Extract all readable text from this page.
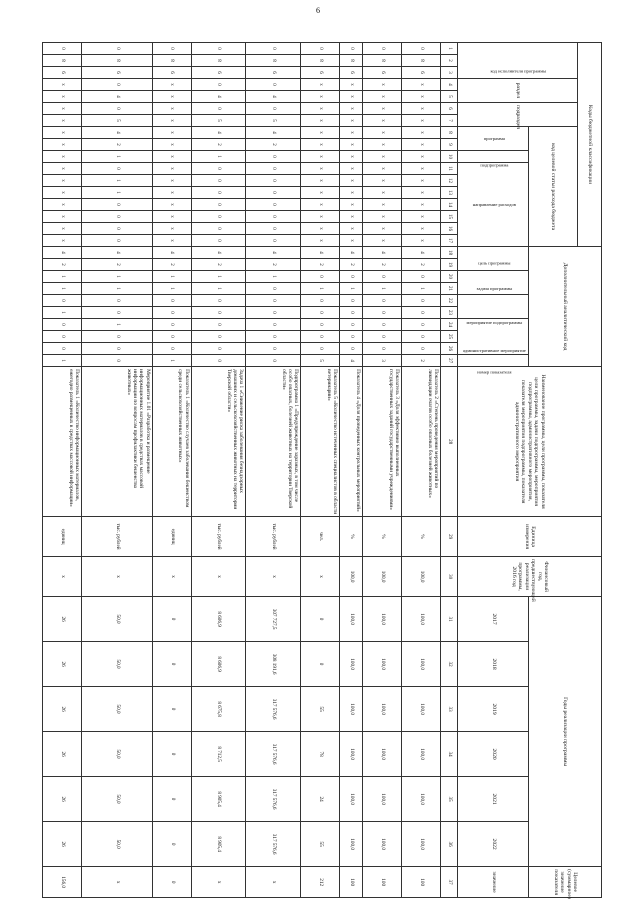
6
Коды бюджетной классификации																	Дополнительный аналитический код										Наименование программы, цели программы, показателя цели программы, задачи подпрограммы, мероприятия подпрограммы, административного мероприятия, показателя мероприятия подпрограммы, показателя административного мероприятия	Единица измерения	Финансовый год, предшествующий реализации программы, 2016 год	Годы реализации программы						Целевое (суммарное) значение показателя
код исполнителя программы			раздел		подраздел		код целевой статьи расхода бюджета																													
							программа		подпрограмма	направление расходов							цель программы		задача программы		мероприятие подпрограммы		административное мероприятие			номер показателя				2017	2018	2019	2020	2021	2022	значение
1	2	3	4	5	6	7	8	9	10	11	12	13	14	15	16	17	18	19	20	21	22	23	24	25	26	27	28	29	30	31	32	33	34	35	36	37
0	8	6	x	x	x	x	x	x	x	x	x	x	x	x	x	x	4	2	0	1	0	0	0	0	0	2	Показатель 2 «Степень проведения мероприятий по ликвидации очагов особо опасных болезней животных»	%	100,0	100,0	100,0	100,0	100,0	100,0	100,0	100
0	8	6	x	x	x	x	x	x	x	x	x	x	x	x	x	x	4	2	0	1	0	0	0	0	0	3	Показатель 3 «Доля эффективно выполненных государственных заданий государственными учреждениями»	%	100,0	100,0	100,0	100,0	100,0	100,0	100,0	100
0	8	6	x	x	x	x	x	x	x	x	x	x	x	x	x	x	4	2	0	1	0	0	0	0	0	4	Показатель 4 «Доля проведенных контрольных мероприятий»	%	100,0	100,0	100,0	100,0	100,0	100,0	100,0	100
0	8	6	x	x	x	x	x	x	x	x	x	x	x	x	x	x	4	2	0	1	0	0	0	0	0	5	Показатель 5 «Количество истеченных специалистов в области ветеринарии»	чел.	x	0	0	55	78	24	55	212
0	8	6	0	4	0	5	4	2	0	0	0	0	0	0	0	0	4	2	1	0	0	0	0	0	0	0	Подпрограмма 1 «Предупреждение заразных, в том числе особо опасных, болезней животных на территории Тверской области»	тыс. рублей	x	307 727,5	308 191,6	317 576,6	317 576,6	317 576,6	317 576,6	x
0	8	6	0	4	0	5	4	2	1	0	0	0	0	0	0	0	4	2	1	1	0	0	0	0	0	0	Задача 1 «Снижение риска заболевания безнадзорных домашних и сельскохозяйственных животных на территории Тверской области»	тыс. рублей	x	8 606,9	8 606,9	8 675,8	8 712,5	8 905,4	8 905,4	x
0	8	6	x	x	x	x	x	x	x	x	x	x	x	x	x	x	4	2	1	1	0	0	0	0	0	1	Показатель 1 «Количество случаев заболевания бешенством среди сельскохозяйственных животных»	единиц	x	0	0	0	0	0	0	0
0	8	6	0	4	0	5	4	2	1	0	1	1	0	0	0	0	4	2	1	1	0	0	1	0	0	0	Мероприятие 1.01 «Разработка и размещение информационных материалов в средствах массовой информации по вопросам профилактики бешенства животных»	тыс. рублей	x	50,0	50,0	50,0	50,0	50,0	50,0	x
0	8	6	x	x	x	x	x	x	x	x	x	x	x	x	x	x	4	2	1	1	0	1	0	0	0	1	Показатель 1 «Количество информационных материалов, ежегодно размещенных в средствах массовой информации»	единиц	x	26	26	26	26	26	26	156,0
